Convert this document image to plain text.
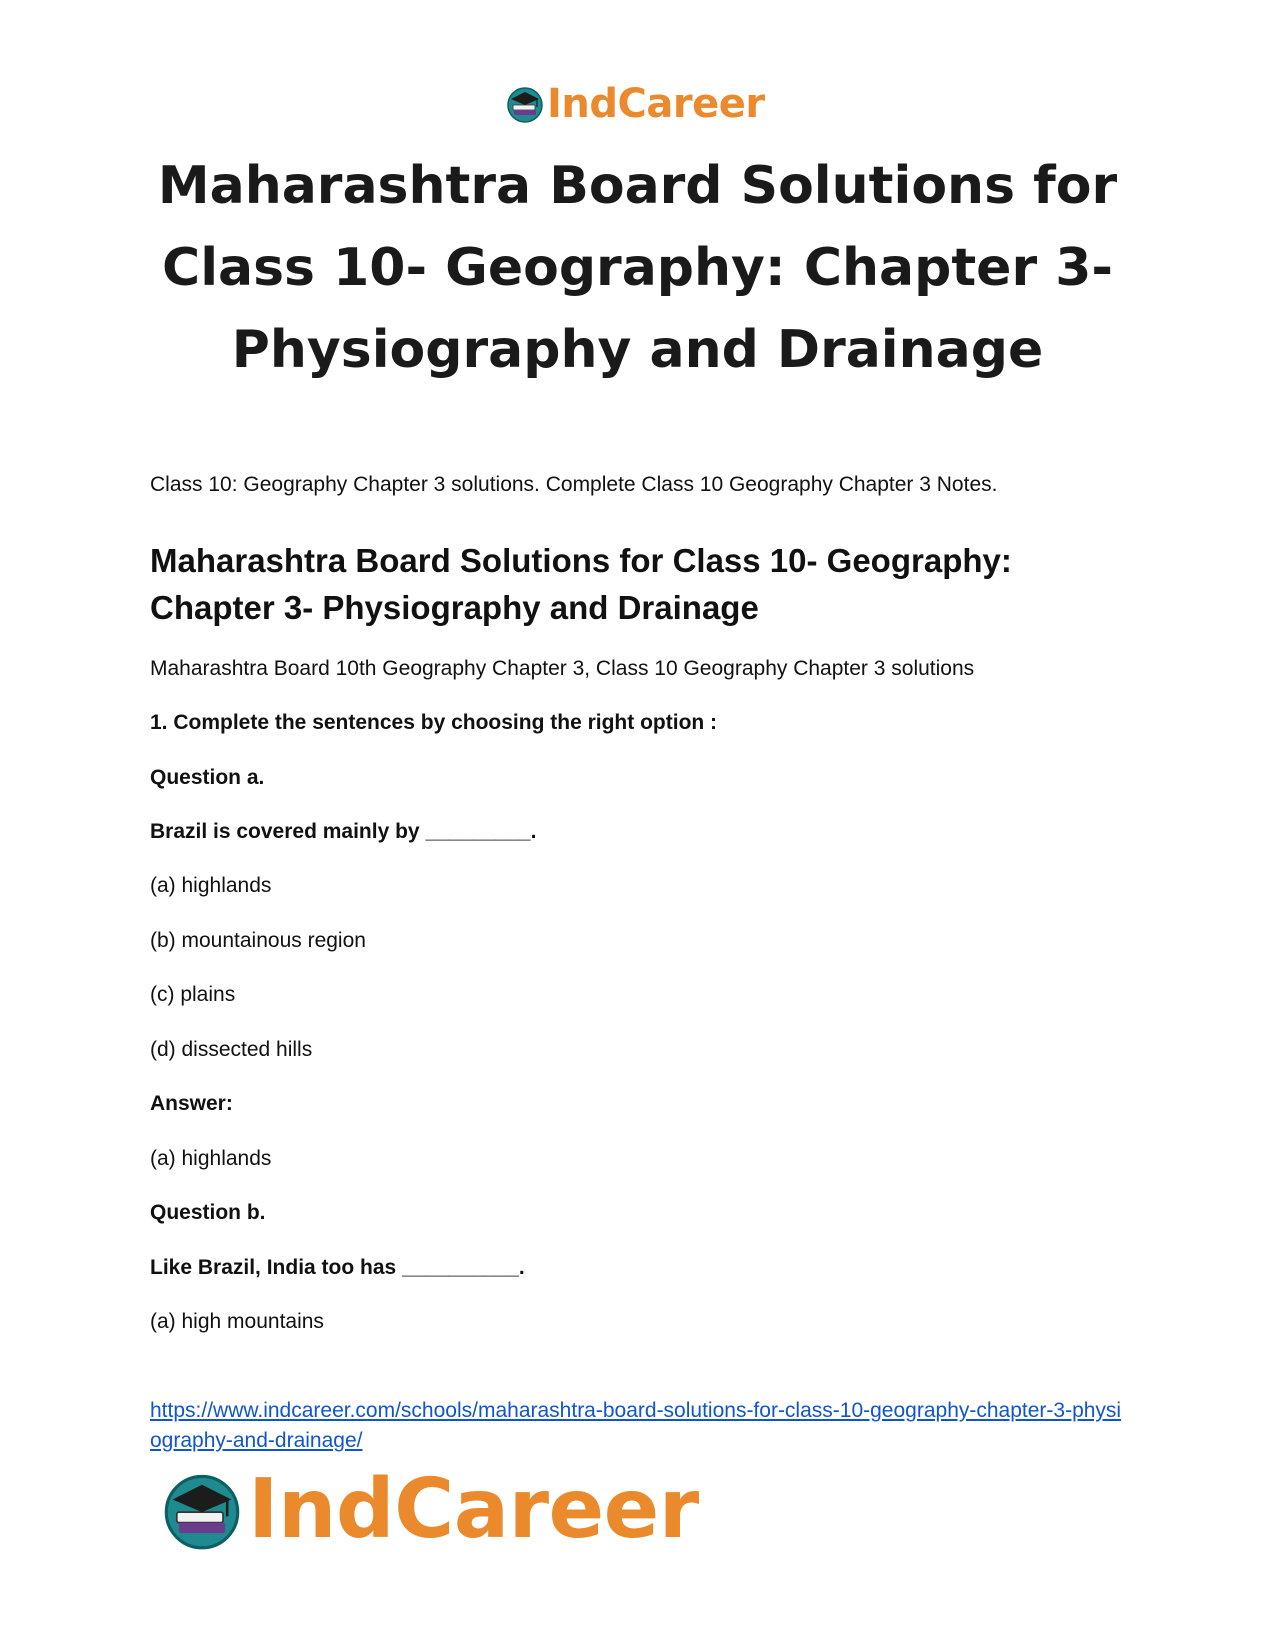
IndCareer
Maharashtra Board Solutions for Class 10- Geography: Chapter 3- Physiography and Drainage

Class 10: Geography Chapter 3 solutions. Complete Class 10 Geography Chapter 3 Notes.

Maharashtra Board Solutions for Class 10- Geography: Chapter 3- Physiography and Drainage

Maharashtra Board 10th Geography Chapter 3, Class 10 Geography Chapter 3 solutions

1. Complete the sentences by choosing the right option :

Question a.

Brazil is covered mainly by _________.

(a) highlands

(b) mountainous region

(c) plains

(d) dissected hills

Answer:

(a) highlands

Question b.

Like Brazil, India too has __________.

(a) high mountains

https://www.indcareer.com/schools/maharashtra-board-solutions-for-class-10-geography-chapter-3-physiography-and-drainage/
IndCareer
